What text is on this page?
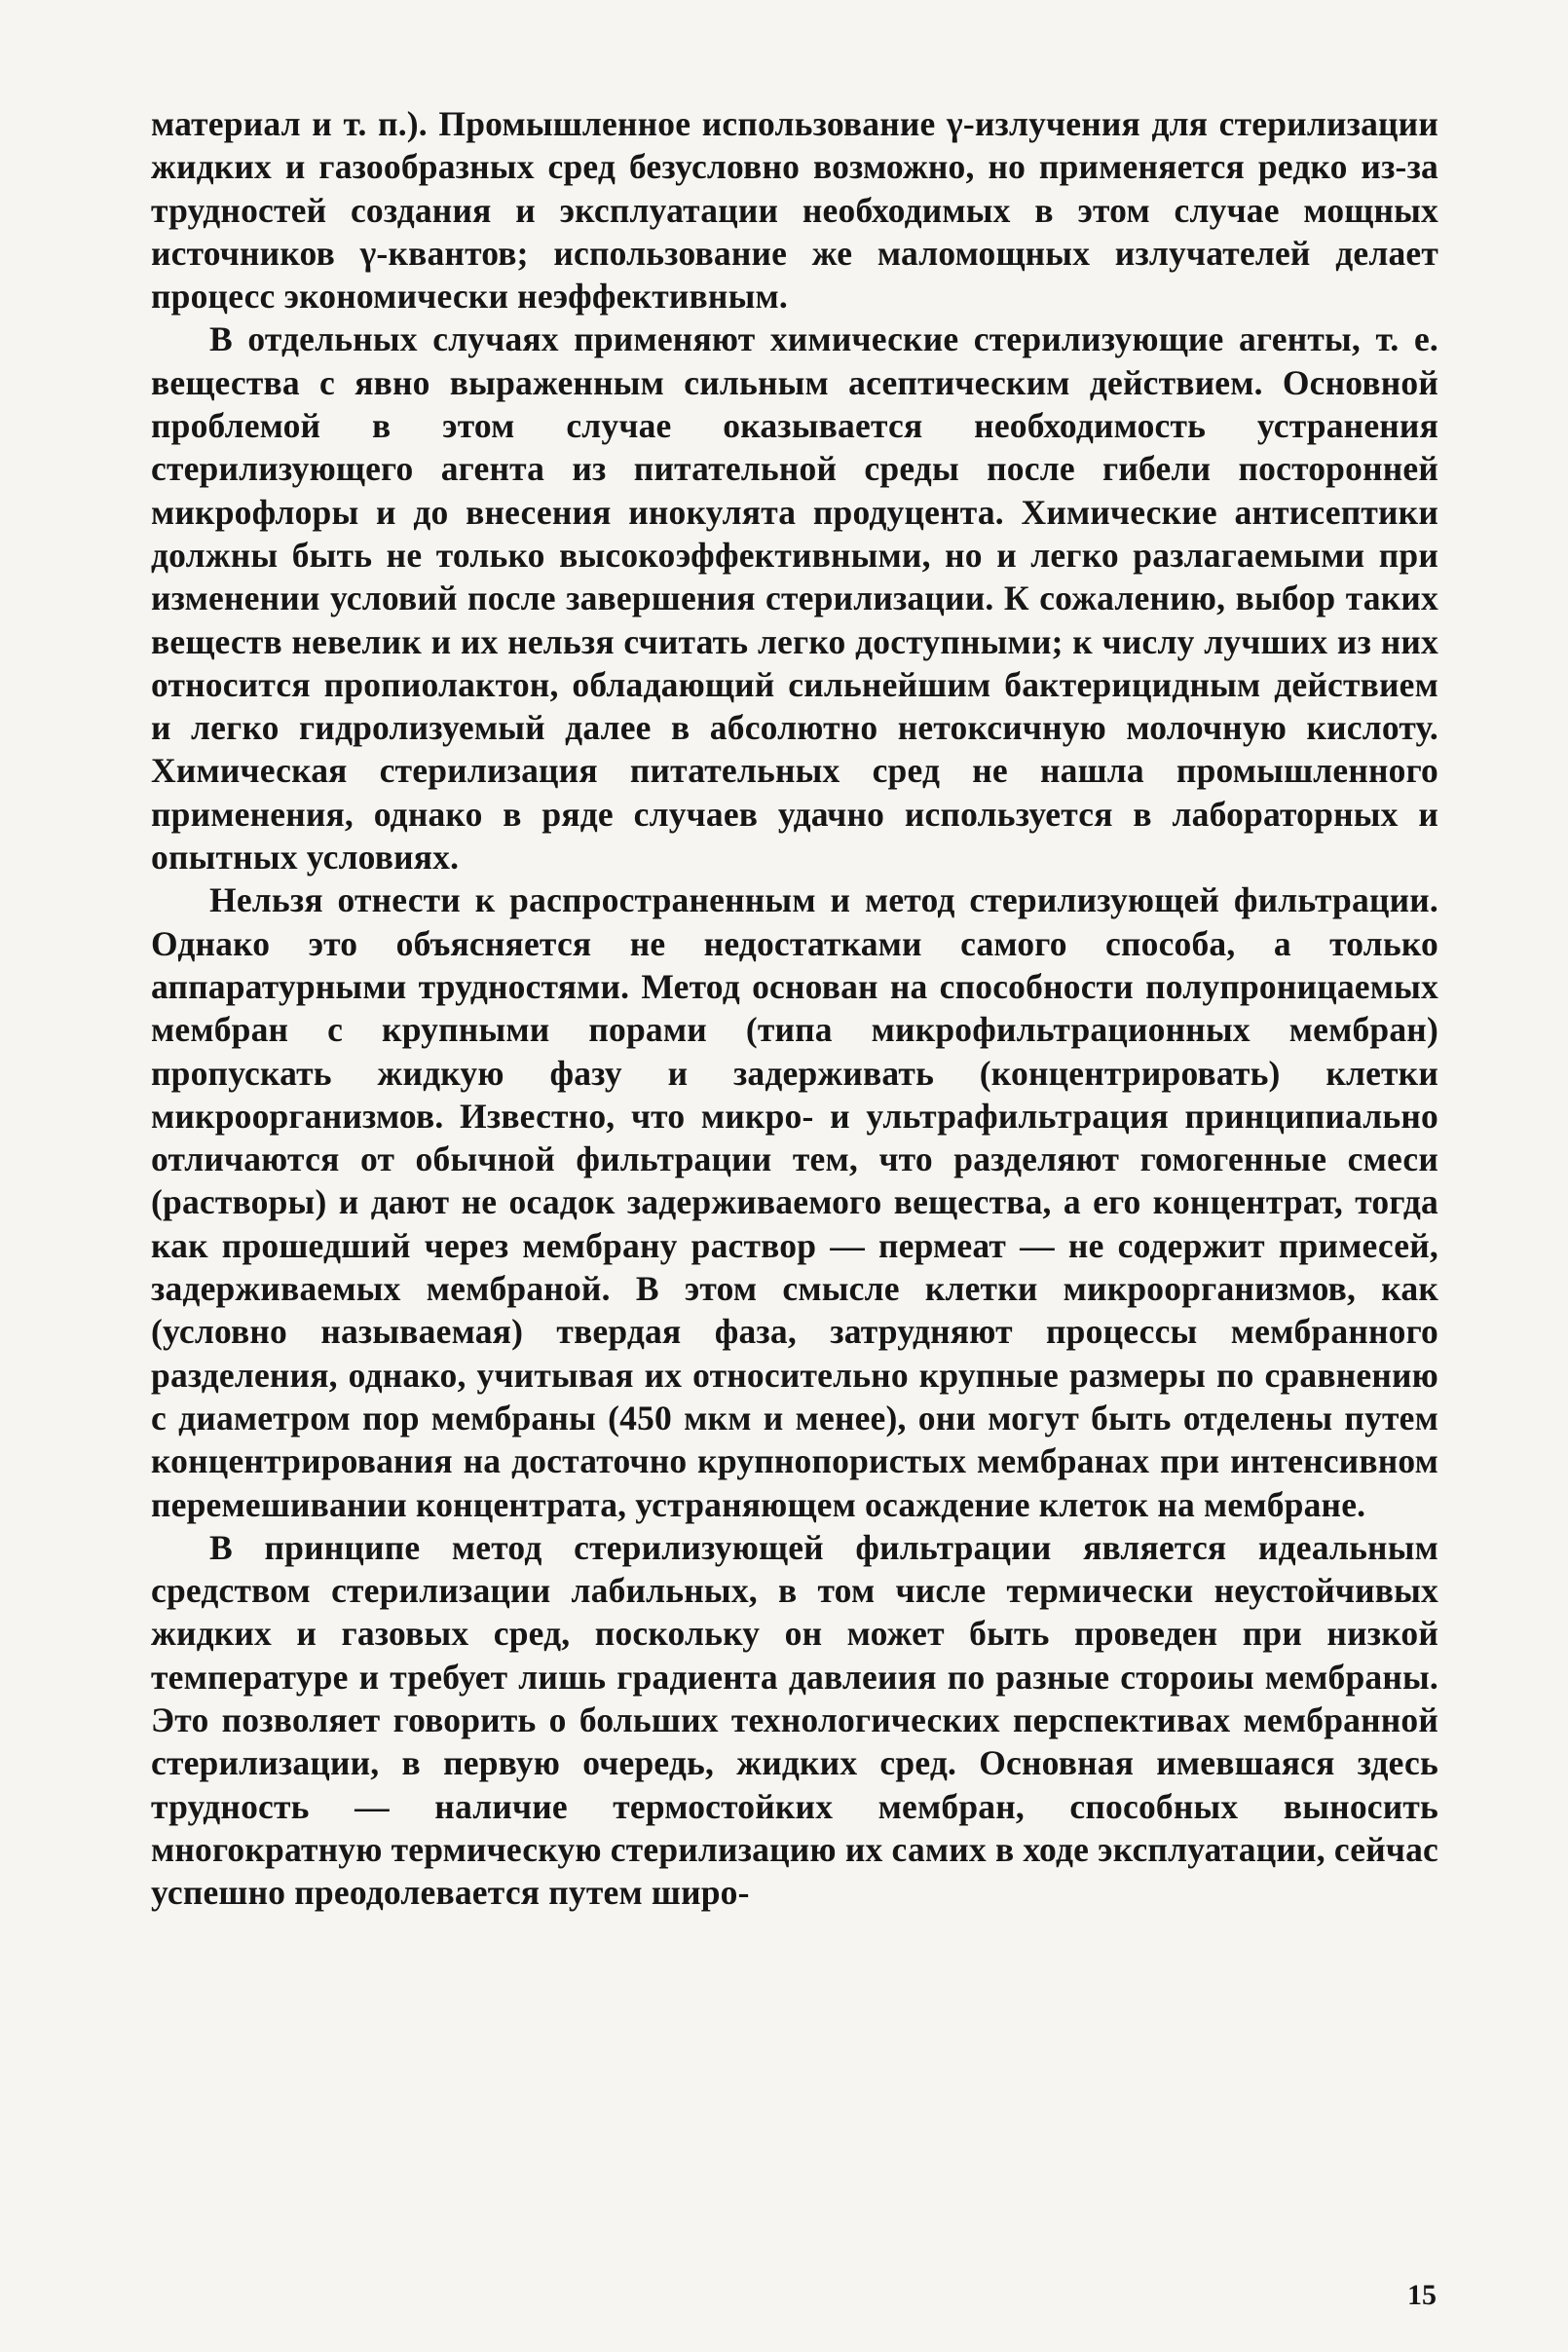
материал и т. п.). Промышленное использование γ-излучения для стерилизации жидких и газообразных сред безусловно возможно, но применяется редко из-за трудностей создания и эксплуатации необходимых в этом случае мощных источников γ-квантов; использование же маломощных излучателей делает процесс экономически неэффективным.

В отдельных случаях применяют химические стерилизующие агенты, т. е. вещества с явно выраженным сильным асептическим действием. Основной проблемой в этом случае оказывается необходимость устранения стерилизующего агента из питательной среды после гибели посторонней микрофлоры и до внесения инокулята продуцента. Химические антисептики должны быть не только высокоэффективными, но и легко разлагаемыми при изменении условий после завершения стерилизации. К сожалению, выбор таких веществ невелик и их нельзя считать легко доступными; к числу лучших из них относится пропиолактон, обладающий сильнейшим бактерицидным действием и легко гидролизуемый далее в абсолютно нетоксичную молочную кислоту. Химическая стерилизация питательных сред не нашла промышленного применения, однако в ряде случаев удачно используется в лабораторных и опытных условиях.

Нельзя отнести к распространенным и метод стерилизующей фильтрации. Однако это объясняется не недостатками самого способа, а только аппаратурными трудностями. Метод основан на способности полупроницаемых мембран с крупными порами (типа микрофильтрационных мембран) пропускать жидкую фазу и задерживать (концентрировать) клетки микроорганизмов. Известно, что микро- и ультрафильтрация принципиально отличаются от обычной фильтрации тем, что разделяют гомогенные смеси (растворы) и дают не осадок задерживаемого вещества, а его концентрат, тогда как прошедший через мембрану раствор — пермеат — не содержит примесей, задерживаемых мембраной. В этом смысле клетки микроорганизмов, как (условно называемая) твердая фаза, затрудняют процессы мембранного разделения, однако, учитывая их относительно крупные размеры по сравнению с диаметром пор мембраны (450 мкм и менее), они могут быть отделены путем концентрирования на достаточно крупнопористых мембранах при интенсивном перемешивании концентрата, устраняющем осаждение клеток на мембране.

В принципе метод стерилизующей фильтрации является идеальным средством стерилизации лабильных, в том числе термически неустойчивых жидких и газовых сред, поскольку он может быть проведен при низкой температуре и требует лишь градиента давлеиия по разные стороиы мембраны. Это позволяет говорить о больших технологических перспективах мембранной стерилизации, в первую очередь, жидких сред. Основная имевшаяся здесь трудность — наличие термостойких мембран, способных выносить многократную термическую стерилизацию их самих в ходе эксплуатации, сейчас успешно преодолевается путем широ-

15
